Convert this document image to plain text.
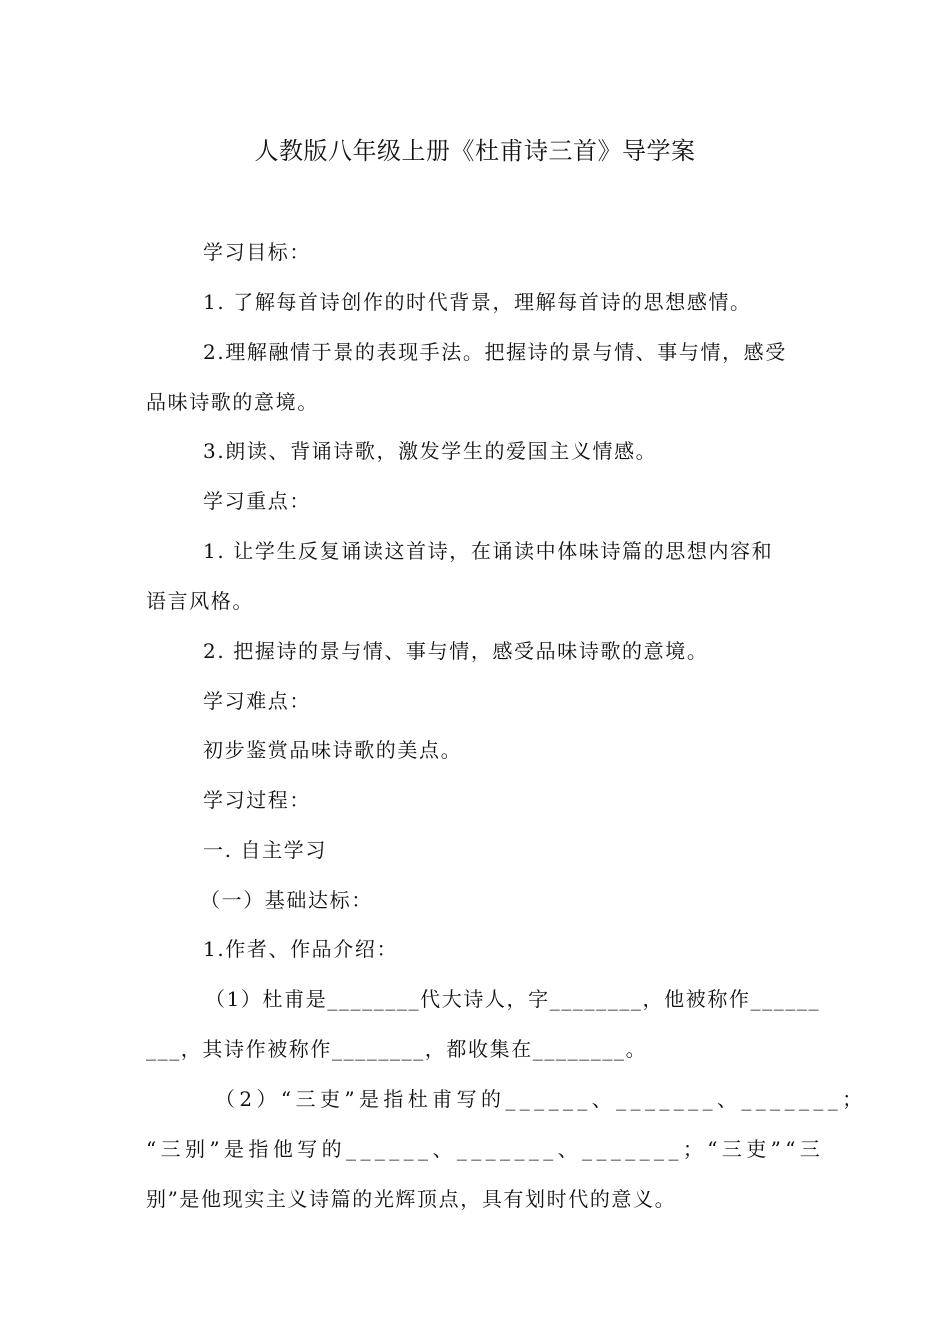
人教版八年级上册《杜甫诗三首》导学案
学习目标：
1. 了解每首诗创作的时代背景，理解每首诗的思想感情。
2.理解融情于景的表现手法。把握诗的景与情、事与情，感受
品味诗歌的意境。
3.朗读、背诵诗歌，激发学生的爱国主义情感。
学习重点：
1. 让学生反复诵读这首诗，在诵读中体味诗篇的思想内容和
语言风格。
2. 把握诗的景与情、事与情，感受品味诗歌的意境。
学习难点：
初步鉴赏品味诗歌的美点。
学习过程：
一. 自主学习
（一）基础达标：
1.作者、作品介绍：
（1）杜甫是________代大诗人，字________，他被称作______
___，其诗作被称作________，都收集在________。
（2）“三吏”是指杜甫写的______、_______、_______；
“三别”是指他写的______、_______、_______；“三吏”“三
别”是他现实主义诗篇的光辉顶点，具有划时代的意义。
